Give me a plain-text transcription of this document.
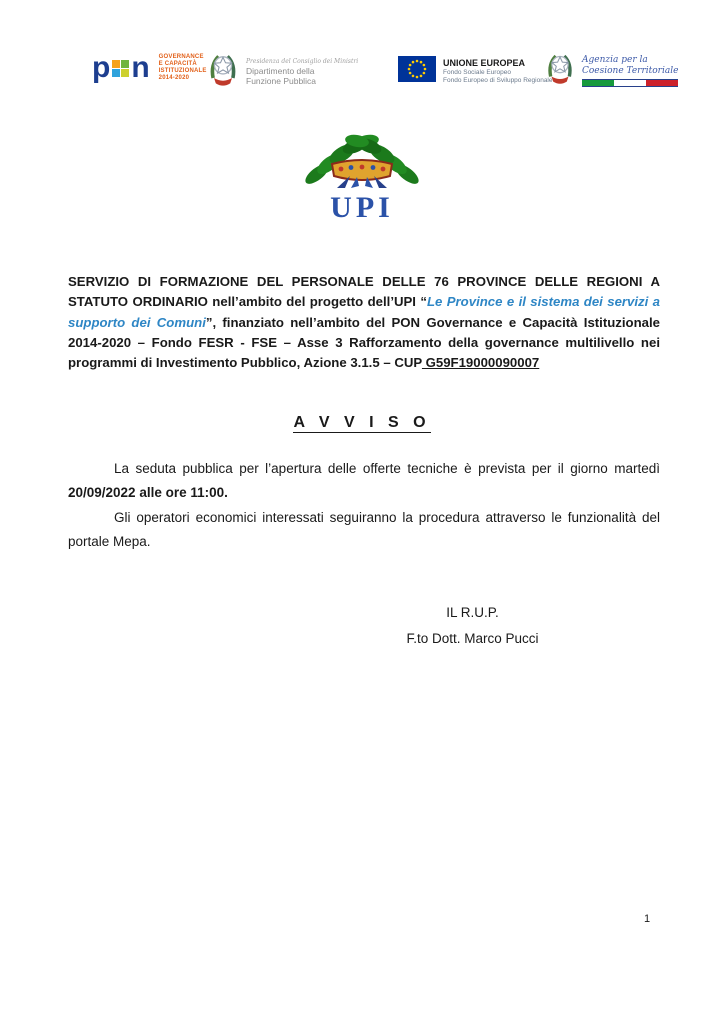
p n GOVERNANCE
E CAPACITÀ
ISTITUZIONALE
2014-2020
Presidenza del Consiglio dei Ministri
Dipartimento della
Funzione Pubblica
UNIONE EUROPEA
Fondo Sociale Europeo
Fondo Europeo di Sviluppo Regionale
Agenzia per la
Coesione Territoriale
UPI

SERVIZIO DI FORMAZIONE DEL PERSONALE DELLE 76 PROVINCE DELLE REGIONI A STATUTO ORDINARIO nell’ambito del progetto dell’UPI “Le Province e il sistema dei servizi a supporto dei Comuni”, finanziato nell’ambito del PON Governance e Capacità Istituzionale 2014-2020 – Fondo FESR - FSE – Asse 3 Rafforzamento della governance multilivello nei programmi di Investimento Pubblico, Azione 3.1.5 – CUP G59F19000090007

A V V I S O

La seduta pubblica per l’apertura delle offerte tecniche è prevista per il giorno martedì 20/09/2022 alle ore 11:00.

Gli operatori economici interessati seguiranno la procedura attraverso le funzionalità del portale Mepa.

IL R.U.P.
F.to Dott. Marco Pucci
1
